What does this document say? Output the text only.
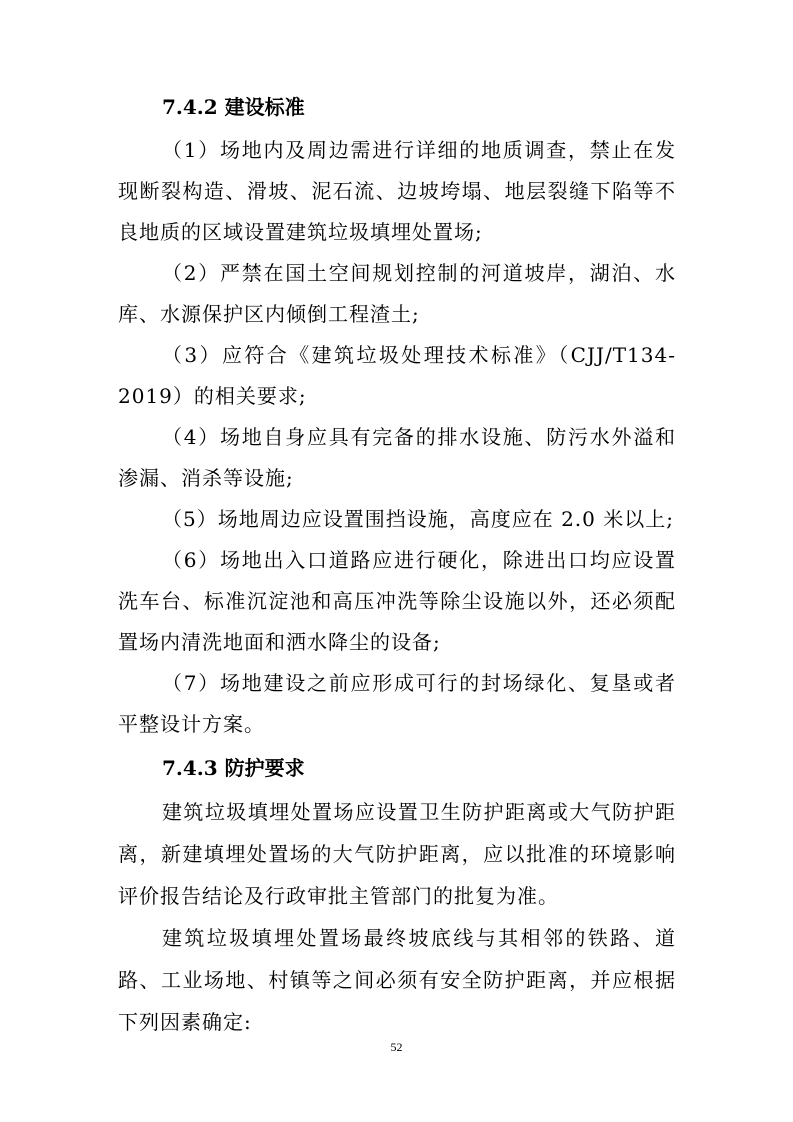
7.4.2 建设标准

（1）场地内及周边需进行详细的地质调查，禁止在发现断裂构造、滑坡、泥石流、边坡垮塌、地层裂缝下陷等不良地质的区域设置建筑垃圾填埋处置场;

（2）严禁在国土空间规划控制的河道坡岸，湖泊、水库、水源保护区内倾倒工程渣土;

（3）应符合《建筑垃圾处理技术标准》（CJJ/T134-2019）的相关要求;

（4）场地自身应具有完备的排水设施、防污水外溢和渗漏、消杀等设施;

（5）场地周边应设置围挡设施，高度应在 2.0 米以上;

（6）场地出入口道路应进行硬化，除进出口均应设置洗车台、标准沉淀池和高压冲洗等除尘设施以外，还必须配置场内清洗地面和洒水降尘的设备;

（7）场地建设之前应形成可行的封场绿化、复垦或者平整设计方案。

7.4.3 防护要求

建筑垃圾填埋处置场应设置卫生防护距离或大气防护距离，新建填埋处置场的大气防护距离，应以批准的环境影响评价报告结论及行政审批主管部门的批复为准。

建筑垃圾填埋处置场最终坡底线与其相邻的铁路、道路、工业场地、村镇等之间必须有安全防护距离，并应根据下列因素确定:

52
